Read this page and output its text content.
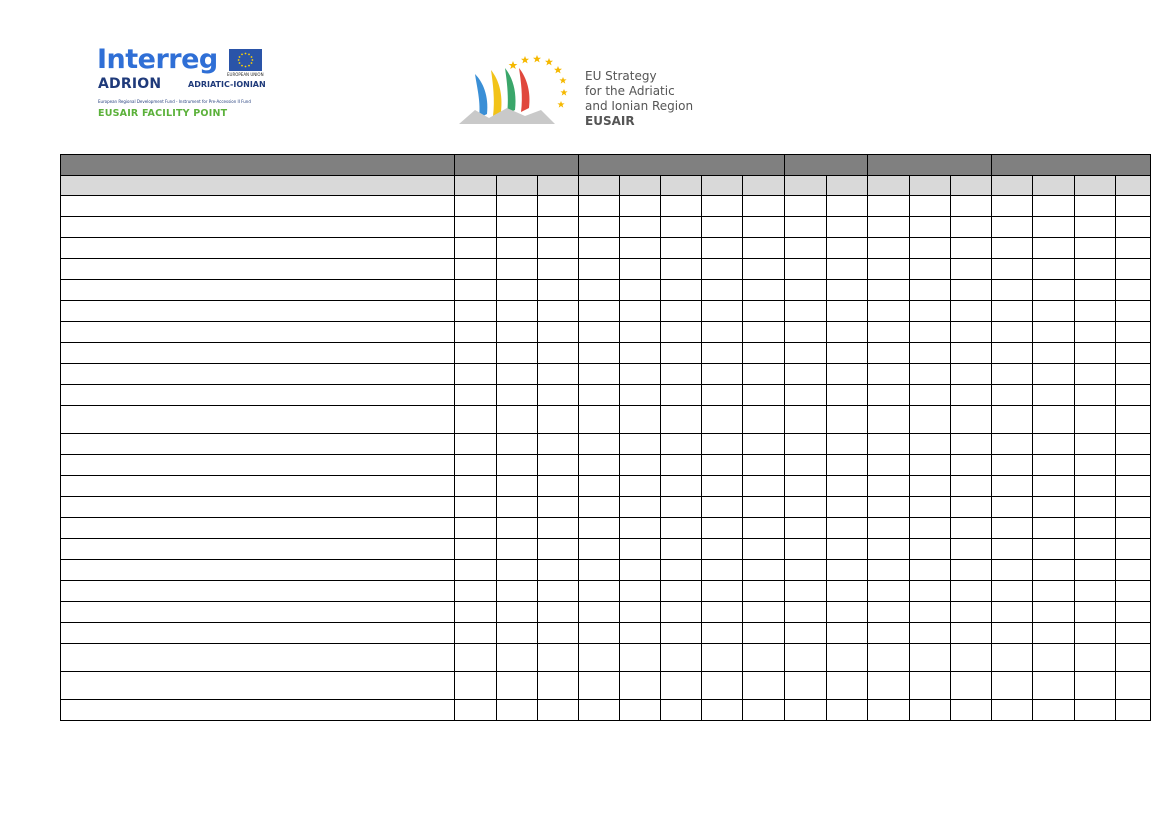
Interreg EUROPEAN UNION
ADRION	ADRIATIC-IONIAN
European Regional Development Fund - Instrument for Pre-Accession II Fund
EUSAIR FACILITY POINT
EU Strategy
for the Adriatic
and Ionian Region
EUSAIR
